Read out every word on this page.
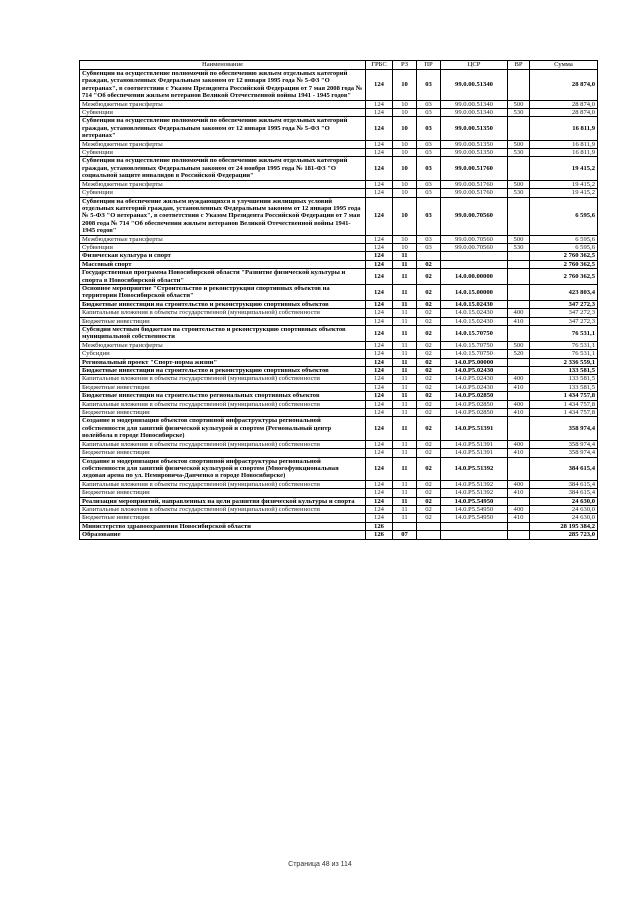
Наименование	ГРБС	РЗ	ПР	ЦСР	ВР	Сумма
Субвенции на осуществление полномочий по обеспечению жильем отдельных категорий граждан, установленных Федеральным законом от 12 января 1995 года № 5-ФЗ "О ветеранах", в соответствии с Указом Президента Российской Федерации от 7 мая 2008 года № 714 "Об обеспечении жильем ветеранов Великой Отечественной войны 1941 - 1945 годов"	124	10	03	99.0.00.51340		28 874,0
Межбюджетные трансферты	124	10	03	99.0.00.51340	500	28 874,0
Субвенции	124	10	03	99.0.00.51340	530	28 874,0
Субвенции на осуществление полномочий по обеспечению жильем отдельных категорий граждан, установленных Федеральным законом от 12 января 1995 года № 5-ФЗ "О ветеранах"	124	10	03	99.0.00.51350		16 811,9
Межбюджетные трансферты	124	10	03	99.0.00.51350	500	16 811,9
Субвенции	124	10	03	99.0.00.51350	530	16 811,9
Субвенции на осуществление полномочий по обеспечению жильем отдельных категорий граждан, установленных Федеральным законом от 24 ноября 1995 года № 181-ФЗ "О социальной защите инвалидов в Российской Федерации"	124	10	03	99.0.00.51760		19 415,2
Межбюджетные трансферты	124	10	03	99.0.00.51760	500	19 415,2
Субвенции	124	10	03	99.0.00.51760	530	19 415,2
Субвенции на обеспечение жильем нуждающихся в улучшении жилищных условий отдельных категорий граждан, установленных Федеральным законом от 12 января 1995 года № 5-ФЗ "О ветеранах", в соответствии с Указом Президента Российской Федерации от 7 мая 2008 года № 714 "Об обеспечении жильем ветеранов Великой Отечественной войны 1941-1945 годов"	124	10	03	99.0.00.70560		6 595,6
Межбюджетные трансферты	124	10	03	99.0.00.70560	500	6 595,6
Субвенции	124	10	03	99.0.00.70560	530	6 595,6
Физическая культура и спорт	124	11				2 760 362,5
Массовый спорт	124	11	02			2 760 362,5
Государственная программа Новосибирской области "Развитие физической культуры и спорта в Новосибирской области"	124	11	02	14.0.00.00000		2 760 362,5
Основное мероприятие "Строительство и реконструкция спортивных объектов на территории Новосибирской области"	124	11	02	14.0.15.00000		423 803,4
Бюджетные инвестиции на строительство и реконструкцию спортивных объектов	124	11	02	14.0.15.02430		347 272,3
Капитальные вложения в объекты государственной (муниципальной) собственности	124	11	02	14.0.15.02430	400	347 272,3
Бюджетные инвестиции	124	11	02	14.0.15.02430	410	347 272,3
Субсидии местным бюджетам на строительство и реконструкцию спортивных объектов муниципальной собственности	124	11	02	14.0.15.70750		76 531,1
Межбюджетные трансферты	124	11	02	14.0.15.70750	500	76 531,1
Субсидии	124	11	02	14.0.15.70750	520	76 531,1
Региональный проект "Спорт-норма жизни"	124	11	02	14.0.P5.00000		2 336 559,1
Бюджетные инвестиции на строительство и реконструкцию спортивных объектов	124	11	02	14.0.P5.02430		133 581,5
Капитальные вложения в объекты государственной (муниципальной) собственности	124	11	02	14.0.P5.02430	400	133 581,5
Бюджетные инвестиции	124	11	02	14.0.P5.02430	410	133 581,5
Бюджетные инвестиции на строительство региональных спортивных объектов	124	11	02	14.0.P5.02850		1 434 757,8
Капитальные вложения в объекты государственной (муниципальной) собственности	124	11	02	14.0.P5.02850	400	1 434 757,8
Бюджетные инвестиции	124	11	02	14.0.P5.02850	410	1 434 757,8
Создание и модернизация объектов спортивной инфраструктуры региональной собственности для занятий физической культурой и спортом (Региональный центр волейбола в городе Новосибирске)	124	11	02	14.0.P5.51391		358 974,4
Капитальные вложения в объекты государственной (муниципальной) собственности	124	11	02	14.0.P5.51391	400	358 974,4
Бюджетные инвестиции	124	11	02	14.0.P5.51391	410	358 974,4
Создание и модернизация объектов спортивной инфраструктуры региональной собственности для занятий физической культурой и спортом (Многофункциональная ледовая арена по ул. Немировича-Данченко в городе Новосибирске)	124	11	02	14.0.P5.51392		384 615,4
Капитальные вложения в объекты государственной (муниципальной) собственности	124	11	02	14.0.P5.51392	400	384 615,4
Бюджетные инвестиции	124	11	02	14.0.P5.51392	410	384 615,4
Реализация мероприятий, направленных на цели развития физической культуры и спорта	124	11	02	14.0.P5.54950		24 630,0
Капитальные вложения в объекты государственной (муниципальной) собственности	124	11	02	14.0.P5.54950	400	24 630,0
Бюджетные инвестиции	124	11	02	14.0.P5.54950	410	24 630,0
Министерство здравоохранения Новосибирской области	126					28 195 384,2
Образование	126	07				285 723,0
Страница 48 из 114
